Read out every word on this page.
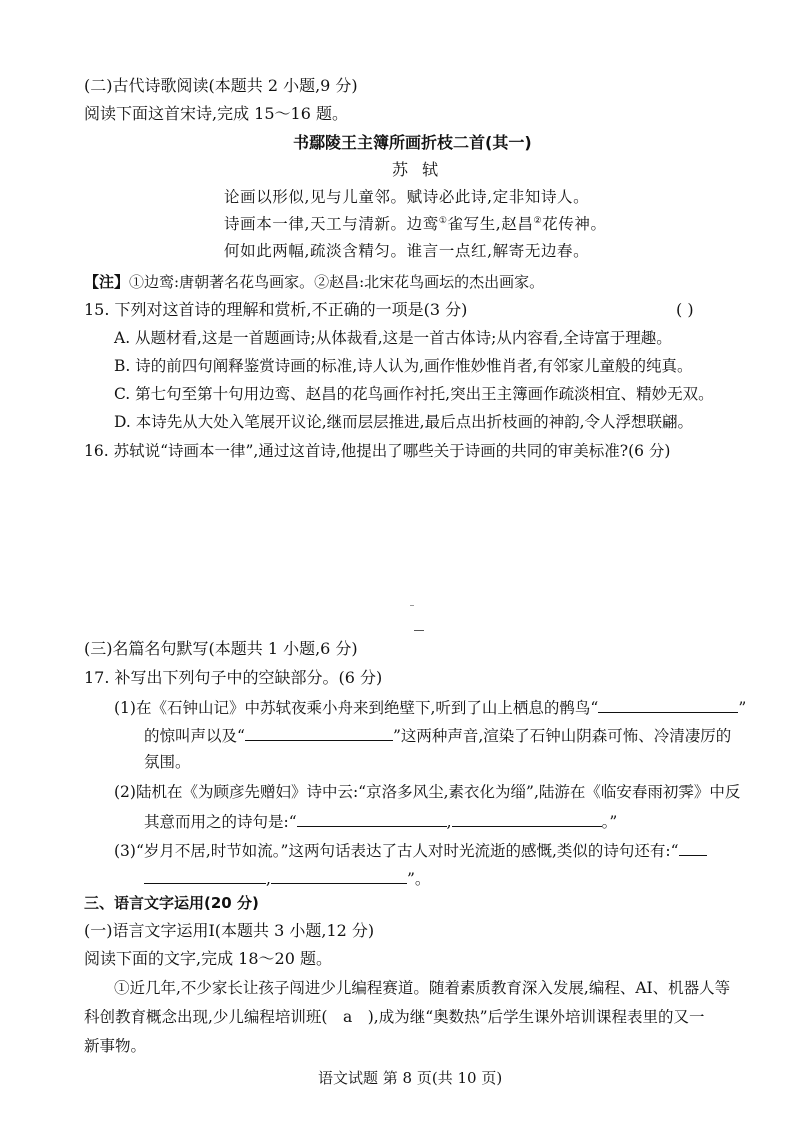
(二)古代诗歌阅读(本题共 2 小题,9 分)
阅读下面这首宋诗,完成 15～16 题。
书鄢陵王主簿所画折枝二首(其一)
苏轼
论画以形似,见与儿童邻。赋诗必此诗,定非知诗人。
诗画本一律,天工与清新。边鸾①雀写生,赵昌②花传神。
何如此两幅,疏淡含精匀。谁言一点红,解寄无边春。
【注】①边鸾:唐朝著名花鸟画家。②赵昌:北宋花鸟画坛的杰出画家。
15. 下列对这首诗的理解和赏析,不正确的一项是(3 分)	( )
A. 从题材看,这是一首题画诗;从体裁看,这是一首古体诗;从内容看,全诗富于理趣。
B. 诗的前四句阐释鉴赏诗画的标准,诗人认为,画作惟妙惟肖者,有邻家儿童般的纯真。
C. 第七句至第十句用边鸾、赵昌的花鸟画作衬托,突出王主簿画作疏淡相宜、精妙无双。
D. 本诗先从大处入笔展开议论,继而层层推进,最后点出折枝画的神韵,令人浮想联翩。
16. 苏轼说“诗画本一律”,通过这首诗,他提出了哪些关于诗画的共同的审美标准?(6 分)
(三)名篇名句默写(本题共 1 小题,6 分)
17. 补写出下列句子中的空缺部分。(6 分)
(1)在《石钟山记》中苏轼夜乘小舟来到绝壁下,听到了山上栖息的鹘鸟“	”
的惊叫声以及“	”这两种声音,渲染了石钟山阴森可怖、冷清凄厉的
氛围。
(2)陆机在《为顾彦先赠妇》诗中云:“京洛多风尘,素衣化为缁”,陆游在《临安春雨初霁》中反
其意而用之的诗句是:“	,	。”
(3)“岁月不居,时节如流。”这两句话表达了古人对时光流逝的感慨,类似的诗句还有:“
,	”。
三、语言文字运用(20 分)
(一)语言文字运用Ⅰ(本题共 3 小题,12 分)
阅读下面的文字,完成 18～20 题。
①近几年,不少家长让孩子闯进少儿编程赛道。随着素质教育深入发展,编程、AI、机器人等
科创教育概念出现,少儿编程培训班(　a　),成为继“奥数热”后学生课外培训课程表里的又一
新事物。
语文试题 第 8 页(共 10 页)
